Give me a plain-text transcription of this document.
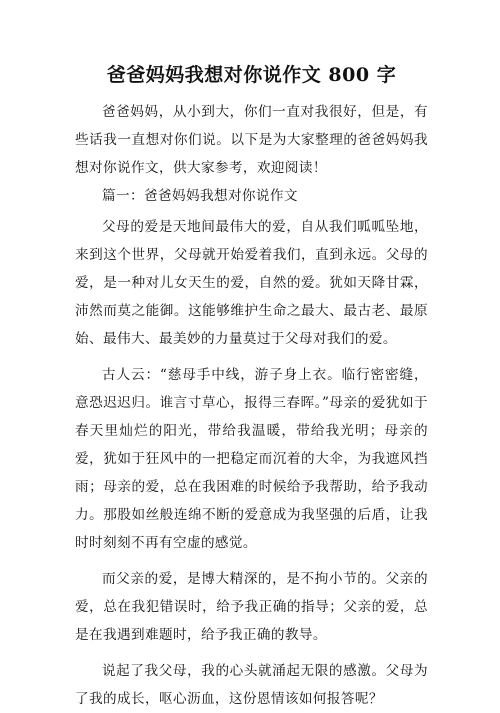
爸爸妈妈我想对你说作文 800 字

爸爸妈妈，从小到大，你们一直对我很好，但是，有些话我一直想对你们说。以下是为大家整理的爸爸妈妈我想对你说作文，供大家参考，欢迎阅读！

篇一：爸爸妈妈我想对你说作文

父母的爱是天地间最伟大的爱，自从我们呱呱坠地，来到这个世界，父母就开始爱着我们，直到永远。父母的爱，是一种对儿女天生的爱，自然的爱。犹如天降甘霖，沛然而莫之能御。这能够维护生命之最大、最古老、最原始、最伟大、最美妙的力量莫过于父母对我们的爱。

古人云：“慈母手中线，游子身上衣。临行密密缝，意恐迟迟归。谁言寸草心，报得三春晖。”母亲的爱犹如于春天里灿烂的阳光，带给我温暖，带给我光明；母亲的爱，犹如于狂风中的一把稳定而沉着的大伞，为我遮风挡雨；母亲的爱，总在我困难的时候给予我帮助，给予我动力。那股如丝般连绵不断的爱意成为我坚强的后盾，让我时时刻刻不再有空虚的感觉。

而父亲的爱，是博大精深的，是不拘小节的。父亲的爱，总在我犯错误时，给予我正确的指导；父亲的爱，总是在我遇到难题时，给予我正确的教导。

说起了我父母，我的心头就涌起无限的感激。父母为了我的成长，呕心沥血，这份恩情该如何报答呢？
